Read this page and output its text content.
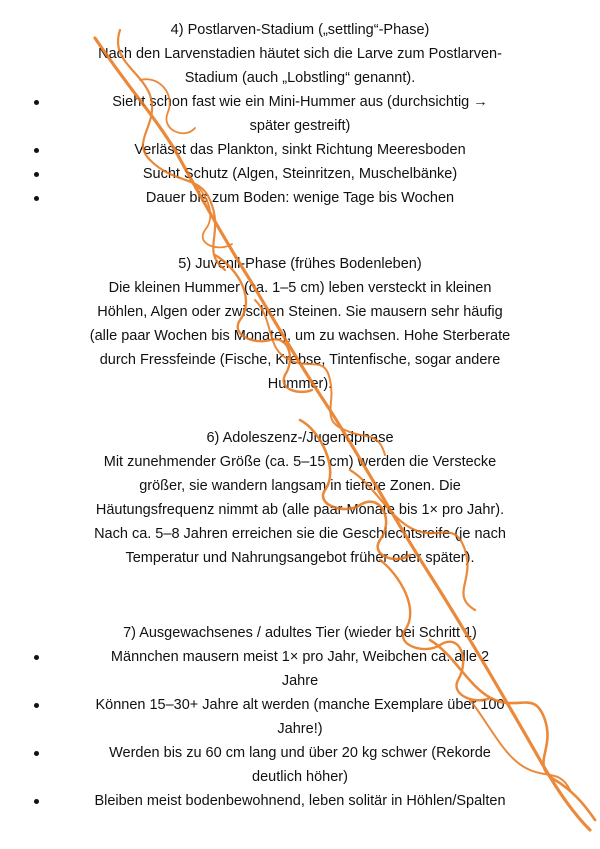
4) Postlarven-Stadium („settling“-Phase)

Nach den Larvenstadien häutet sich die Larve zum Postlarven-

Stadium (auch „Lobstling“ genannt).

Sieht schon fast wie ein Mini-Hummer aus (durchsichtig →
später gestreift)
Verlässt das Plankton, sinkt Richtung Meeresboden
Sucht Schutz (Algen, Steinritzen, Muschelbänke)
Dauer bis zum Boden: wenige Tage bis Wochen

5) Juvenil-Phase (frühes Bodenleben)

Die kleinen Hummer (ca. 1–5 cm) leben versteckt in kleinen

Höhlen, Algen oder zwischen Steinen. Sie mausern sehr häufig

(alle paar Wochen bis Monate), um zu wachsen. Hohe Sterberate

durch Fressfeinde (Fische, Krebse, Tintenfische, sogar andere

Hummer).

6) Adoleszenz-/Jugendphase

Mit zunehmender Größe (ca. 5–15 cm) werden die Verstecke

größer, sie wandern langsam in tiefere Zonen. Die

Häutungsfrequenz nimmt ab (alle paar Monate bis 1× pro Jahr).

Nach ca. 5–8 Jahren erreichen sie die Geschlechtsreife (je nach

Temperatur und Nahrungsangebot früher oder später).

7) Ausgewachsenes / adultes Tier (wieder bei Schritt 1)

Männchen mausern meist 1× pro Jahr, Weibchen ca. alle 2
Jahre
Können 15–30+ Jahre alt werden (manche Exemplare über 100
Jahre!)
Werden bis zu 60 cm lang und über 20 kg schwer (Rekorde
deutlich höher)
Bleiben meist bodenbewohnend, leben solitär in Höhlen/Spalten
